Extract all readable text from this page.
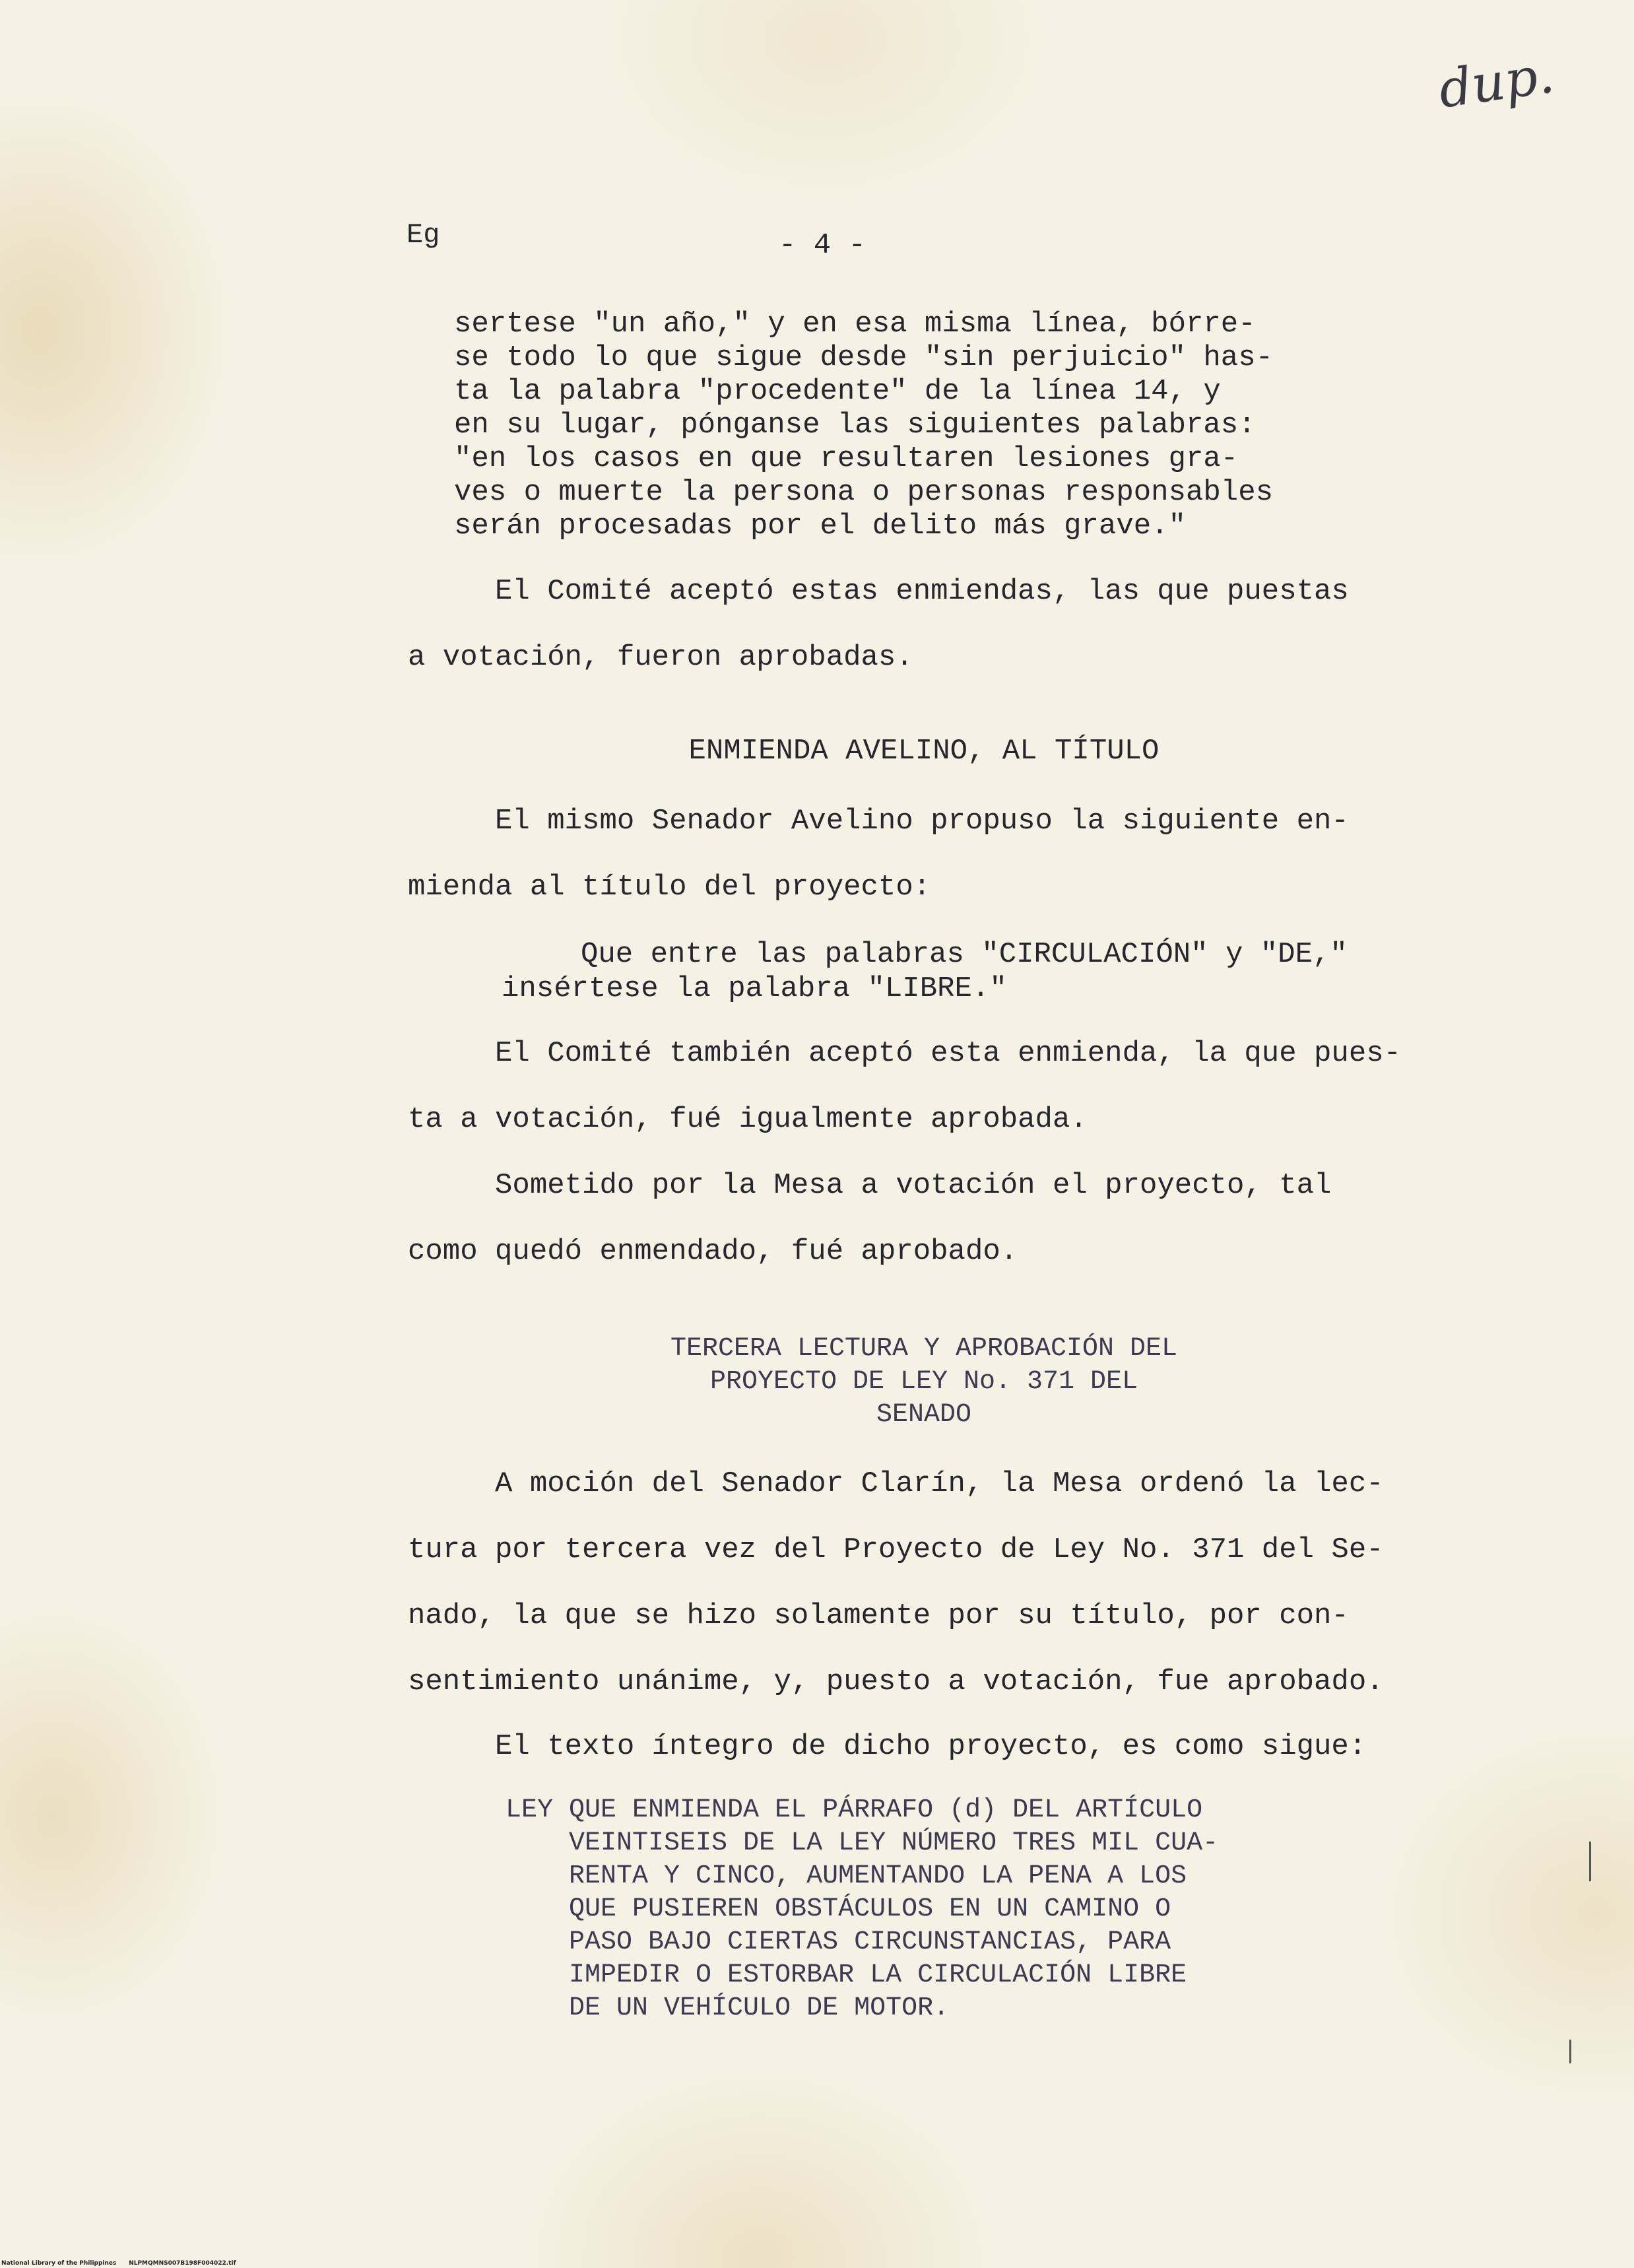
dup.
Eg	- 4 -
sertese "un año," y en esa misma línea, bórre-
se todo lo que sigue desde "sin perjuicio" has-
ta la palabra "procedente" de la línea 14, y
en su lugar, pónganse las siguientes palabras:
"en los casos en que resultaren lesiones gra-
ves o muerte la persona o personas responsables
serán procesadas por el delito más grave."
El Comité aceptó estas enmiendas, las que puestas
a votación, fueron aprobadas.
ENMIENDA AVELINO, AL TÍTULO
El mismo Senador Avelino propuso la siguiente en-
mienda al título del proyecto:
Que entre las palabras "CIRCULACIÓN" y "DE,"
insértese la palabra "LIBRE."
El Comité también aceptó esta enmienda, la que pues-
ta a votación, fué igualmente aprobada.
Sometido por la Mesa a votación el proyecto, tal
como quedó enmendado, fué aprobado.
TERCERA LECTURA Y APROBACIÓN DEL
PROYECTO DE LEY No. 371 DEL
SENADO
A moción del Senador Clarín, la Mesa ordenó la lec-
tura por tercera vez del Proyecto de Ley No. 371 del Se-
nado, la que se hizo solamente por su título, por con-
sentimiento unánime, y, puesto a votación, fue aprobado.
El texto íntegro de dicho proyecto, es como sigue:
LEY QUE ENMIENDA EL PÁRRAFO (d) DEL ARTÍCULO
VEINTISEIS DE LA LEY NÚMERO TRES MIL CUA-
RENTA Y CINCO, AUMENTANDO LA PENA A LOS
QUE PUSIEREN OBSTÁCULOS EN UN CAMINO O
PASO BAJO CIERTAS CIRCUNSTANCIAS, PARA
IMPEDIR O ESTORBAR LA CIRCULACIÓN LIBRE
DE UN VEHÍCULO DE MOTOR.
National Library of the Philippines NLPMQMNS007B198F004022.tif
